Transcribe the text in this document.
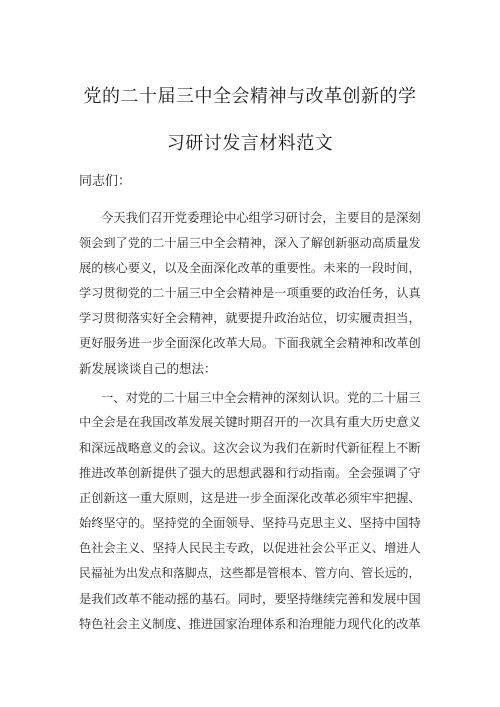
党的二十届三中全会精神与改革创新的学
习研讨发言材料范文
同志们：
今天我们召开党委理论中心组学习研讨会，主要目的是深刻
领会到了党的二十届三中全会精神，深入了解创新驱动高质量发
展的核心要义，以及全面深化改革的重要性。未来的一段时间，
学习贯彻党的二十届三中全会精神是一项重要的政治任务，认真
学习贯彻落实好全会精神，就要提升政治站位，切实履责担当，
更好服务进一步全面深化改革大局。下面我就全会精神和改革创
新发展谈谈自己的想法：
一、对党的二十届三中全会精神的深刻认识。党的二十届三
中全会是在我国改革发展关键时期召开的一次具有重大历史意义
和深远战略意义的会议。这次会议为我们在新时代新征程上不断
推进改革创新提供了强大的思想武器和行动指南。全会强调了守
正创新这一重大原则，这是进一步全面深化改革必须牢牢把握、
始终坚守的。坚持党的全面领导、坚持马克思主义、坚持中国特
色社会主义、坚持人民民主专政，以促进社会公平正义、增进人
民福祉为出发点和落脚点，这些都是管根本、管方向、管长远的，
是我们改革不能动摇的基石。同时，要坚持继续完善和发展中国
特色社会主义制度、推进国家治理体系和治理能力现代化的改革
